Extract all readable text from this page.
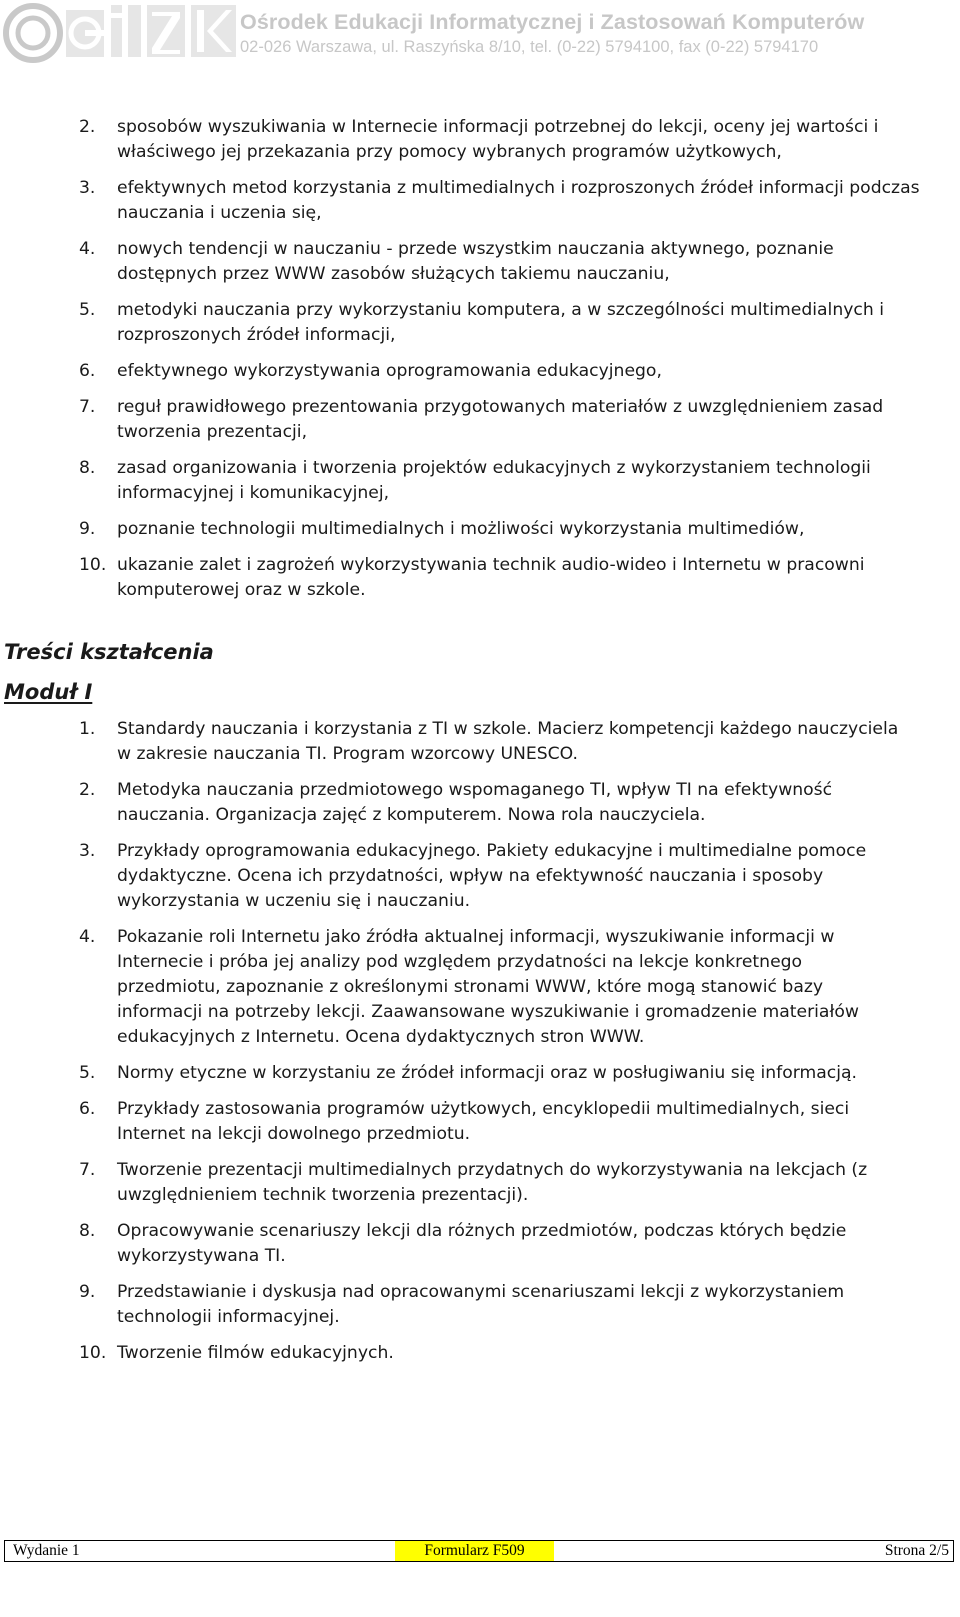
Ośrodek Edukacji Informatycznej i Zastosowań Komputerów
02-026 Warszawa, ul. Raszyńska 8/10, tel. (0-22) 5794100, fax (0-22) 5794170
2. sposobów wyszukiwania w Internecie informacji potrzebnej do lekcji, oceny jej wartości i właściwego jej przekazania przy pomocy wybranych programów użytkowych,
3. efektywnych metod korzystania z multimedialnych i rozproszonych źródeł informacji podczas nauczania i uczenia się,
4. nowych tendencji w nauczaniu - przede wszystkim nauczania aktywnego, poznanie dostępnych przez WWW zasobów służących takiemu nauczaniu,
5. metodyki nauczania przy wykorzystaniu komputera, a w szczególności multimedialnych i rozproszonych źródeł informacji,
6. efektywnego wykorzystywania oprogramowania edukacyjnego,
7. reguł prawidłowego prezentowania przygotowanych materiałów z uwzględnieniem zasad tworzenia prezentacji,
8. zasad organizowania i tworzenia projektów edukacyjnych z wykorzystaniem technologii informacyjnej i komunikacyjnej,
9. poznanie technologii multimedialnych i możliwości wykorzystania multimediów,
10. ukazanie zalet i zagrożeń wykorzystywania technik audio-wideo i Internetu w pracowni komputerowej oraz w szkole.
Treści kształcenia
Moduł I
1. Standardy nauczania i korzystania z TI w szkole. Macierz kompetencji każdego nauczyciela w zakresie nauczania TI. Program wzorcowy UNESCO.
2. Metodyka nauczania przedmiotowego wspomaganego TI, wpływ TI na efektywność nauczania. Organizacja zajęć z komputerem. Nowa rola nauczyciela.
3. Przykłady oprogramowania edukacyjnego. Pakiety edukacyjne i multimedialne pomoce dydaktyczne. Ocena ich przydatności, wpływ na efektywność nauczania i sposoby wykorzystania w uczeniu się i nauczaniu.
4. Pokazanie roli Internetu jako źródła aktualnej informacji, wyszukiwanie informacji w Internecie i próba jej analizy pod względem przydatności na lekcje konkretnego przedmiotu, zapoznanie z określonymi stronami WWW, które mogą stanowić bazy informacji na potrzeby lekcji. Zaawansowane wyszukiwanie i gromadzenie materiałów edukacyjnych z Internetu. Ocena dydaktycznych stron WWW.
5. Normy etyczne w korzystaniu ze źródeł informacji oraz w posługiwaniu się informacją.
6. Przykłady zastosowania programów użytkowych, encyklopedii multimedialnych, sieci Internet na lekcji dowolnego przedmiotu.
7. Tworzenie prezentacji multimedialnych przydatnych do wykorzystywania na lekcjach (z uwzględnieniem technik tworzenia prezentacji).
8. Opracowywanie scenariuszy lekcji dla różnych przedmiotów, podczas których będzie wykorzystywana TI.
9. Przedstawianie i dyskusja nad opracowanymi scenariuszami lekcji z wykorzystaniem technologii informacyjnej.
10. Tworzenie filmów edukacyjnych.
Wydanie 1	Formularz F509	Strona 2/5
